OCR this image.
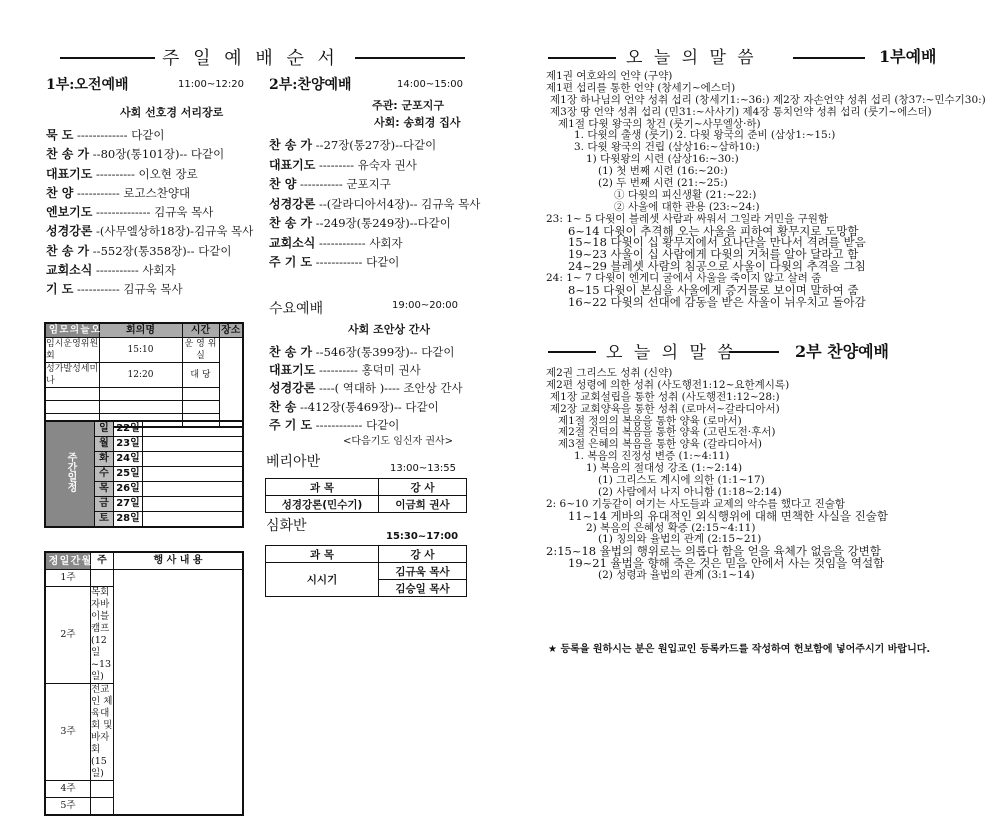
주 일 예 배 순 서
1부:오전예배	11:00~12:20
사회 선호경 서리장로
묵 도 ------------- 다같이
찬 송 가 --80장(통101장)-- 다같이
대표기도 ---------- 이오현 장로
찬 양 ----------- 로고스찬양대
엔보기도 -------------- 김규욱 목사
성경강론 -(사무엘상하18장)-김규욱 목사
찬 송 가 --552장(통358장)-- 다같이
교회소식 ----------- 사회자
기 도 ----------- 김규욱 목사
2부:찬양예배	14:00~15:00
주관: 군포지구
사회: 송희경 집사
찬 송 가 --27장(통27장)--다같이
대표기도 --------- 유숙자 권사
찬 양 ----------- 군포지구
성경강론 --(갈라디아서4장)-- 김규욱 목사
찬 송 가 --249장(통249장)--다같이
교회소식 ------------ 사회자
주 기 도 ------------ 다같이
수요예배	19:00~20:00
사회 조안상 간사
찬 송 가 --546장(통399장)-- 다같이
대표기도 ---------- 홍덕미 권사
성경강론 ----( 역대하 )---- 조안상 간사
찬 송 --412장(통469장)-- 다같이
주 기 도 ------------ 다같이
<다음기도 임신자 권사>
베리아반	13:00~13:55
과 목	강 사
성경강론(민수기)	이금희 권사
심화반
15:30~17:00
과 목	강 사
시시기	김규욱 목사
	김승일 목사
오늘의모임	회의명	시간	장소
임시운영위원회	15:10	운 영 위 실	
성가발성세미나	12:20	대 당	

주간일정	일	22일	
	월	23일	
	화	24일	
	수	25일	
	목	26일	
	금	27일	
	토	28일	
월간일정	주	행 사 내 용
1주		
2주	목회자바이블캠프(12일~13일)	
3주	전교인 체육대회 및 바자회(15일)	
4주		
5주		
오 늘 의 말 씀	1부예배
제1권 여호와의 언약 (구약)
제1편 섭리를 통한 언약 (창세기~에스더)
제1장 하나님의 언약 성취 섭리 (창세기1:~36:) 제2장 자손언약 성취 섭리 (창37:~민수기30:)
제3장 땅 언약 성취 섭리 (민31:~사사기) 제4장 통치언약 성취 섭리 (룻기~에스더)
제1절 다윗 왕국의 창건 (룻기~사무엘상·하)
1. 다윗의 출생 (룻기) 2. 다윗 왕국의 준비 (삼상1:~15:)
3. 다윗 왕국의 건립 (삼상16:~삼하10:)
1) 다윗왕의 시련 (삼상16:~30:)
(1) 첫 번째 시련 (16:~20:)
(2) 두 번째 시련 (21:~25:)
① 다윗의 피신생활 (21:~22:)
② 사울에 대한 관용 (23:~24:)
23: 1~ 5 다윗이 블레셋 사람과 싸워서 그일라 거민을 구원함
6~14 다윗이 추격해 오는 사울을 피하여 황무지로 도망함
15~18 다윗이 십 황무지에서 요나단을 만나서 격려를 받음
19~23 사울이 십 사람에게 다윗의 거처를 알아 달라고 함
24~29 블레셋 사람의 침공으로 사울이 다윗의 추격을 그침
24: 1~ 7 다윗이 엔게디 굴에서 사울을 죽이지 않고 살려 줌
8~15 다윗이 본심을 사울에게 증거물로 보이며 말하여 줌
16~22 다윗의 선대에 감동을 받은 사울이 뉘우치고 돌아감
오 늘 의 말 씀	2부 찬양예배
제2권 그리스도 성취 (신약)
제2편 성령에 의한 성취 (사도행전1:12~요한계시록)
제1장 교회설립을 통한 성취 (사도행전1:12~28:)
제2장 교회양육을 통한 성취 (로마서~갈라디아서)
제1절 정의의 복음을 통한 양육 (로마서)
제2절 건덕의 복음을 통한 양육 (고린도전·후서)
제3절 은혜의 복음을 통한 양육 (갈라디아서)
1. 복음의 진정성 변증 (1:~4:11)
1) 복음의 절대성 강조 (1:~2:14)
(1) 그리스도 계시에 의한 (1:1~17)
(2) 사람에서 나지 아니함 (1:18~2:14)
2: 6~10 기둥같이 여기는 사도들과 교제의 악수를 했다고 진술함
11~14 게바의 유대적인 외식행위에 대해 면책한 사실을 진술함
2) 복음의 은혜성 확증 (2:15~4:11)
(1) 칭의와 율법의 관계 (2:15~21)
2:15~18 율법의 행위로는 의롭다 함을 얻을 육체가 없음을 강변함
19~21 율법을 향해 죽은 것은 믿음 안에서 사는 것임을 역설함
(2) 성령과 율법의 관계 (3:1~14)
★ 등록을 원하시는 분은 원입교인 등록카드를 작성하여 헌보함에 넣어주시기 바랍니다.
